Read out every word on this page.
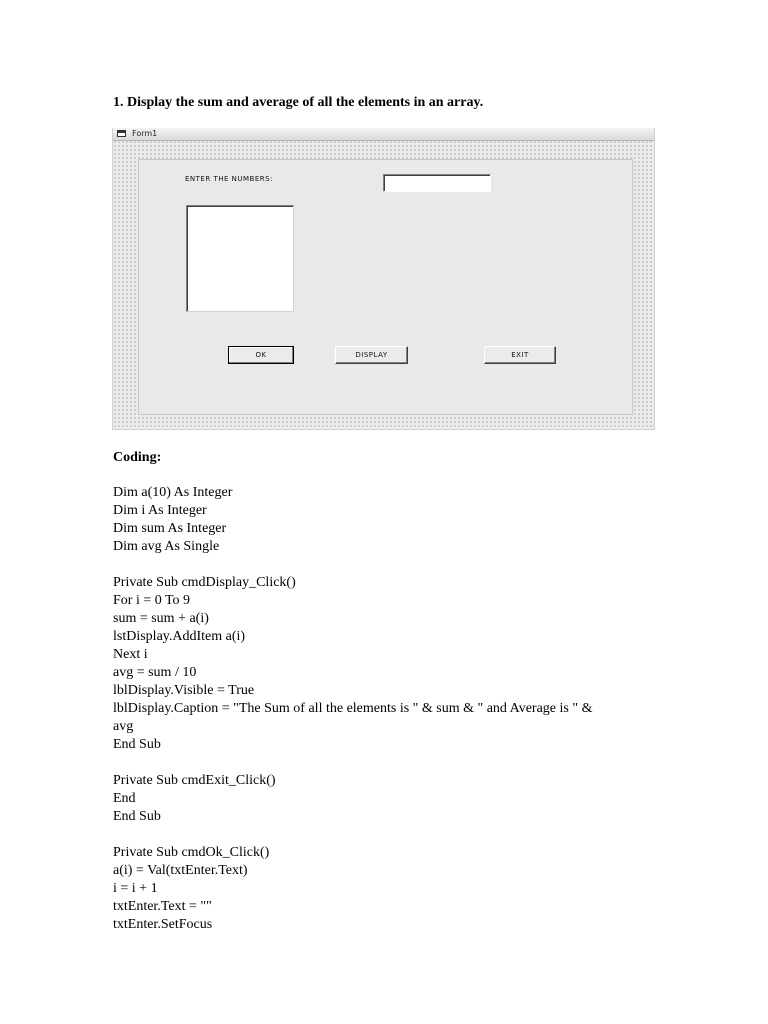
1. Display the sum and average of all the elements in an array.

Form1
ENTER THE NUMBERS:
OK	DISPLAY	EXIT

Coding:

Dim a(10) As Integer
Dim i As Integer
Dim sum As Integer
Dim avg As Single
Private Sub cmdDisplay_Click()
For i = 0 To 9
sum = sum + a(i)
lstDisplay.AddItem a(i)
Next i
avg = sum / 10
lblDisplay.Visible = True
lblDisplay.Caption = "The Sum of all the elements is " & sum & " and Average is " &
avg
End Sub
Private Sub cmdExit_Click()
End
End Sub
Private Sub cmdOk_Click()
a(i) = Val(txtEnter.Text)
i = i + 1
txtEnter.Text = ""
txtEnter.SetFocus
